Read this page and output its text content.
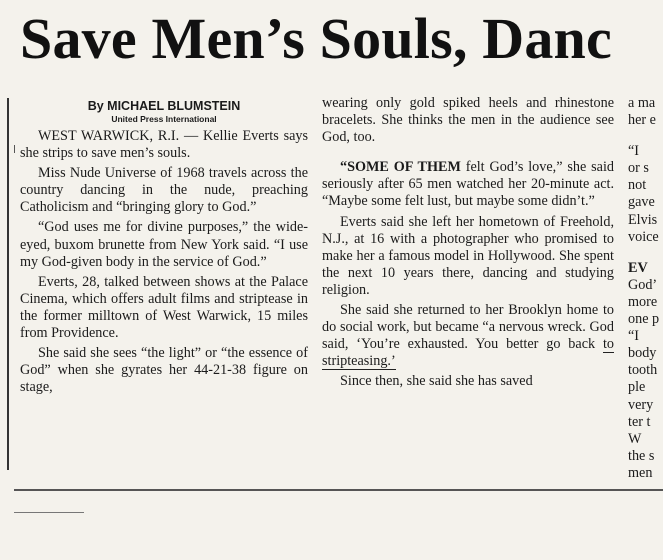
Save Men’s Souls, Danc
By MICHAEL BLUMSTEIN
United Press International

WEST WARWICK, R.I. — Kellie Everts says she strips to save men’s souls.

Miss Nude Universe of 1968 travels across the country dancing in the nude, preaching Catholicism and “bringing glory to God.”

“God uses me for divine purposes,” the wide-eyed, buxom brunette from New York said. “I use my God-given body in the service of God.”

Everts, 28, talked between shows at the Palace Cinema, which offers adult films and striptease in the former milltown of West Warwick, 15 miles from Providence.

She said she sees “the light” or “the essence of God” when she gyrates her 44-21-38 figure on stage,

wearing only gold spiked heels and rhinestone bracelets. She thinks the men in the audience see God, too.

“SOME OF THEM felt God’s love,” she said seriously after 65 men watched her 20-minute act. “Maybe some felt lust, but maybe some didn’t.”

Everts said she left her hometown of Freehold, N.J., at 16 with a photographer who promised to make her a famous model in Hollywood. She spent the next 10 years there, dancing and studying religion.

She said she returned to her Brooklyn home to do social work, but became “a nervous wreck. God said, ‘You’re exhausted. You better go back to stripteasing.’

Since then, she said she has saved

a ma

her e

“I

or s

not

gave

Elvis

voice

EV

God’

more

one p

“I

body

tooth

ple

very

ter t

W

the s

men
